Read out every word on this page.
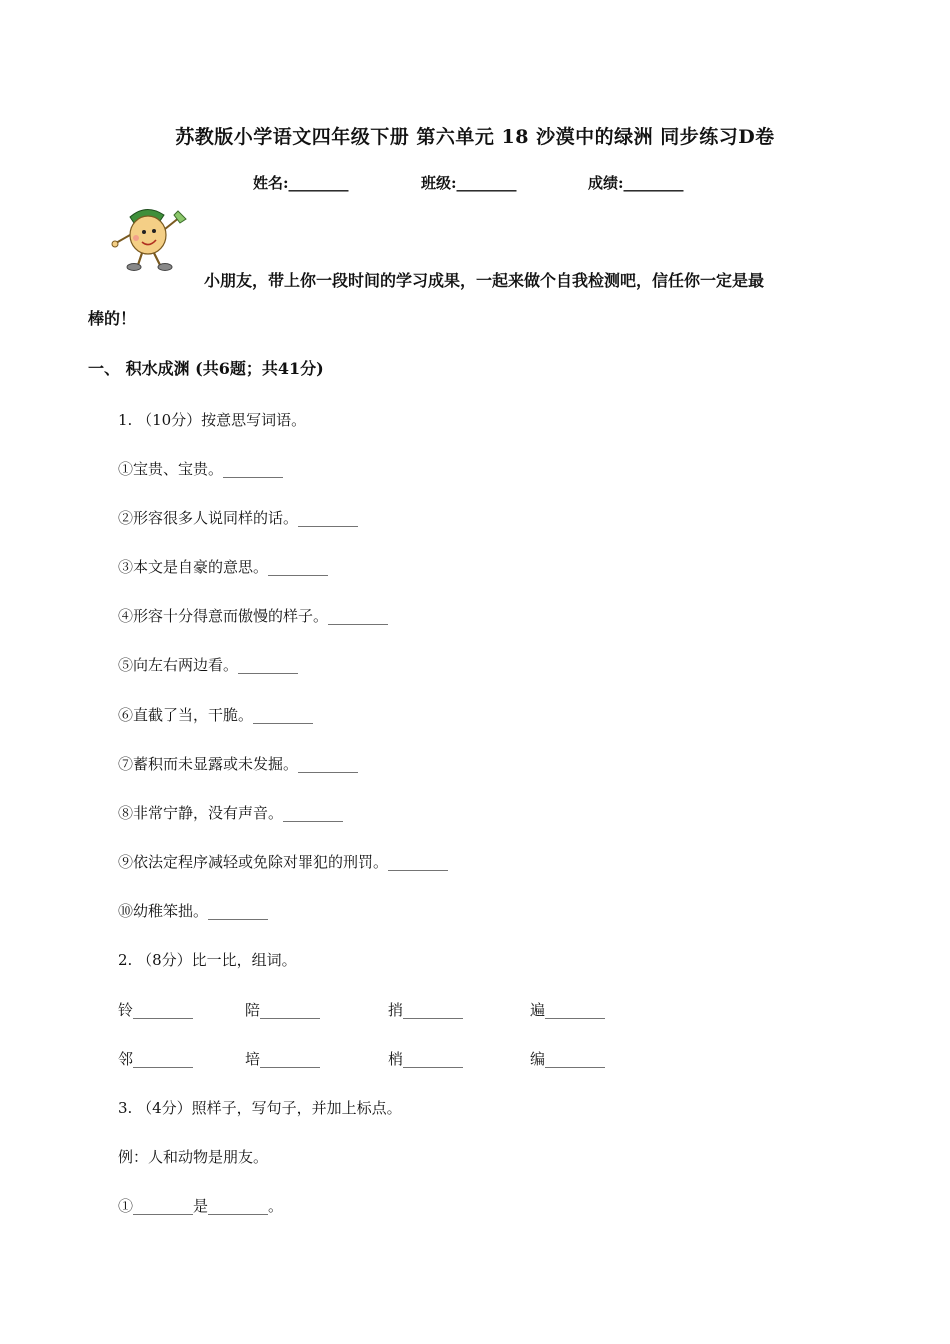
苏教版小学语文四年级下册 第六单元 18 沙漠中的绿洲 同步练习D卷
姓名:________	班级:________	成绩:________
小朋友，带上你一段时间的学习成果，一起来做个自我检测吧，信任你一定是最
棒的！
一、 积水成渊 (共6题；共41分)
1. （10分）按意思写词语。
①宝贵、宝贵。________
②形容很多人说同样的话。________
③本文是自豪的意思。________
④形容十分得意而傲慢的样子。________
⑤向左右两边看。________
⑥直截了当，干脆。________
⑦蓄积而未显露或未发掘。________
⑧非常宁静，没有声音。________
⑨依法定程序减轻或免除对罪犯的刑罚。________
⑩幼稚笨拙。________
2. （8分）比一比，组词。
铃________	陪________	捎________	遍________
邻________	培________	梢________	编________
3. （4分）照样子，写句子，并加上标点。
例：人和动物是朋友。
①________是________。
